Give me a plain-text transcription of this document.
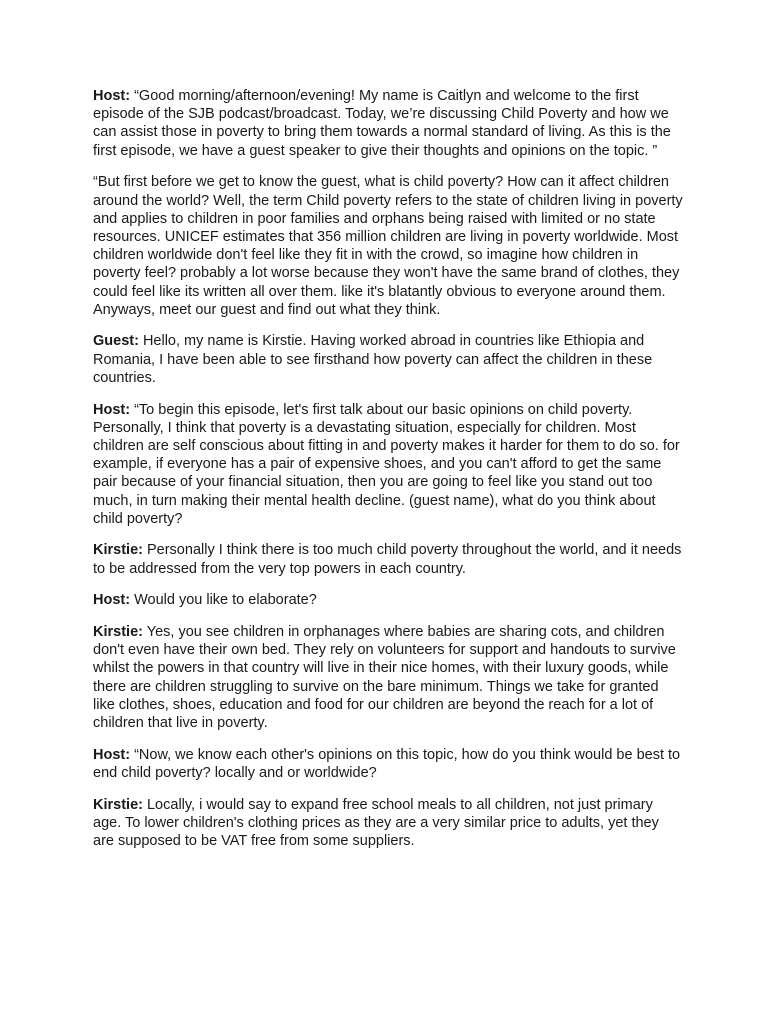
Host: “Good morning/afternoon/evening! My name is Caitlyn and welcome to the first episode of the SJB podcast/broadcast. Today, we’re discussing Child Poverty and how we can assist those in poverty to bring them towards a normal standard of living. As this is the first episode, we have a guest speaker to give their thoughts and opinions on the topic. ”

“But first before we get to know the guest, what is child poverty? How can it affect children around the world? Well, the term Child poverty refers to the state of children living in poverty and applies to children in poor families and orphans being raised with limited or no state resources. UNICEF estimates that 356 million children are living in poverty worldwide. Most children worldwide don't feel like they fit in with the crowd, so imagine how children in poverty feel? probably a lot worse because they won't have the same brand of clothes, they could feel like its written all over them. like it's blatantly obvious to everyone around them. Anyways, meet our guest and find out what they think.

Guest: Hello, my name is Kirstie. Having worked abroad in countries like Ethiopia and Romania, I have been able to see firsthand how poverty can affect the children in these countries.

Host: “To begin this episode, let's first talk about our basic opinions on child poverty. Personally, I think that poverty is a devastating situation, especially for children. Most children are self conscious about fitting in and poverty makes it harder for them to do so. for example, if everyone has a pair of expensive shoes, and you can't afford to get the same pair because of your financial situation, then you are going to feel like you stand out too much, in turn making their mental health decline. (guest name), what do you think about child poverty?

Kirstie: Personally I think there is too much child poverty throughout the world, and it needs to be addressed from the very top powers in each country.

Host: Would you like to elaborate?

Kirstie: Yes, you see children in orphanages where babies are sharing cots, and children don't even have their own bed. They rely on volunteers for support and handouts to survive whilst the powers in that country will live in their nice homes, with their luxury goods, while there are children struggling to survive on the bare minimum. Things we take for granted like clothes, shoes, education and food for our children are beyond the reach for a lot of children that live in poverty.

Host: “Now, we know each other's opinions on this topic, how do you think would be best to end child poverty? locally and or worldwide?

Kirstie: Locally, i would say to expand free school meals to all children, not just primary age. To lower children's clothing prices as they are a very similar price to adults, yet they are supposed to be VAT free from some suppliers.
